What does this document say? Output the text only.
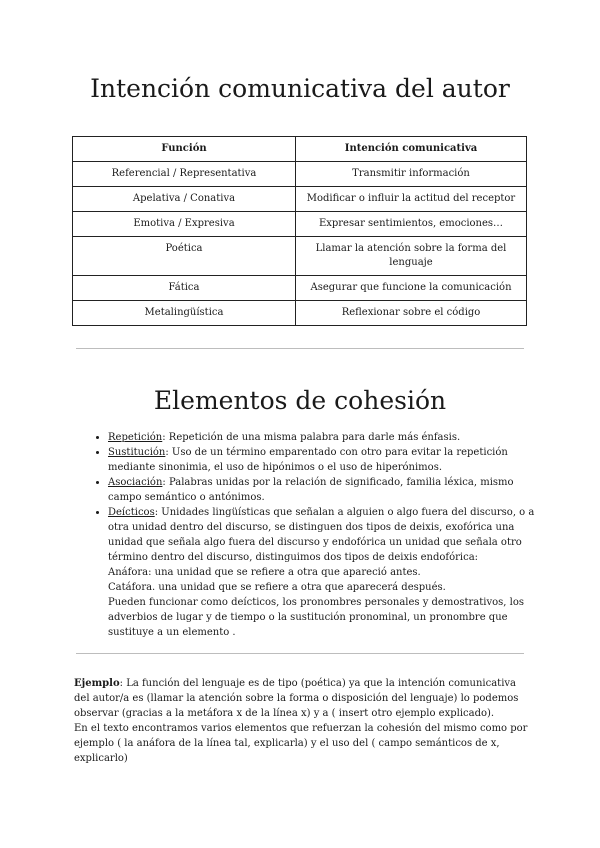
Intención comunicativa del autor
Función	Intención comunicativa
Referencial / Representativa	Transmitir información
Apelativa / Conativa	Modificar o influir la actitud del receptor
Emotiva / Expresiva	Expresar sentimientos, emociones…
Poética	Llamar la atención sobre la forma del lenguaje
Fática	Asegurar que funcione la comunicación
Metalingüística	Reflexionar sobre el código
Elementos de cohesión
• Repetición: Repetición de una misma palabra para darle más énfasis.
• Sustitución: Uso de un término emparentado con otro para evitar la repetición mediante sinonimia, el uso de hipónimos o el uso de hiperónimos.
• Asociación: Palabras unidas por la relación de significado, familia léxica, mismo campo semántico o antónimos.
• Deícticos: Unidades lingüísticas que señalan a alguien o algo fuera del discurso, o a otra unidad dentro del discurso, se distinguen dos tipos de deixis, exofórica una unidad que señala algo fuera del discurso y endofórica un unidad que señala otro término dentro del discurso, distinguimos dos tipos de deixis endofórica:

Anáfora: una unidad que se refiere a otra que apareció antes.

Catáfora. una unidad que se refiere a otra que aparecerá después.

Pueden funcionar como deícticos, los pronombres personales y demostrativos, los adverbios de lugar y de tiempo o la sustitución pronominal, un pronombre que sustituye a un elemento .

Ejemplo: La función del lenguaje es de tipo (poética) ya que la intención comunicativa del autor/a es (llamar la atención sobre la forma o disposición del lenguaje) lo podemos observar (gracias a la metáfora x de la línea x) y a ( insert otro ejemplo explicado).

En el texto encontramos varios elementos que refuerzan la cohesión del mismo como por ejemplo ( la anáfora de la línea tal, explicarla) y el uso del ( campo semánticos de x, explicarlo)
